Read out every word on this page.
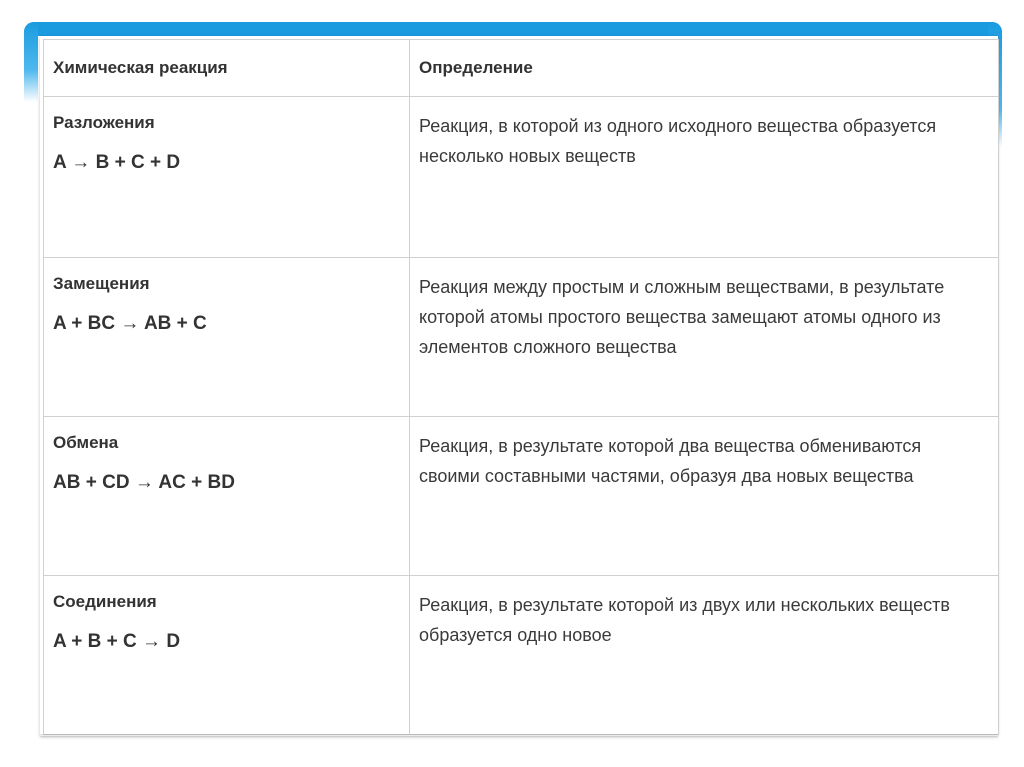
Химическая реакция	Определение

Разложения
A → B + C + D	Реакция, в которой из одного исходного вещества образуется несколько новых веществ

Замещения
A + BC → AB + C	Реакция между простым и сложным веществами, в результате которой атомы простого вещества замещают атомы одного из элементов сложного вещества

Обмена
AB + CD → AC + BD	Реакция, в результате которой два вещества обмениваются своими составными частями, образуя два новых вещества

Соединения
A + B + C → D	Реакция, в результате которой из двух или нескольких веществ образуется одно новое
